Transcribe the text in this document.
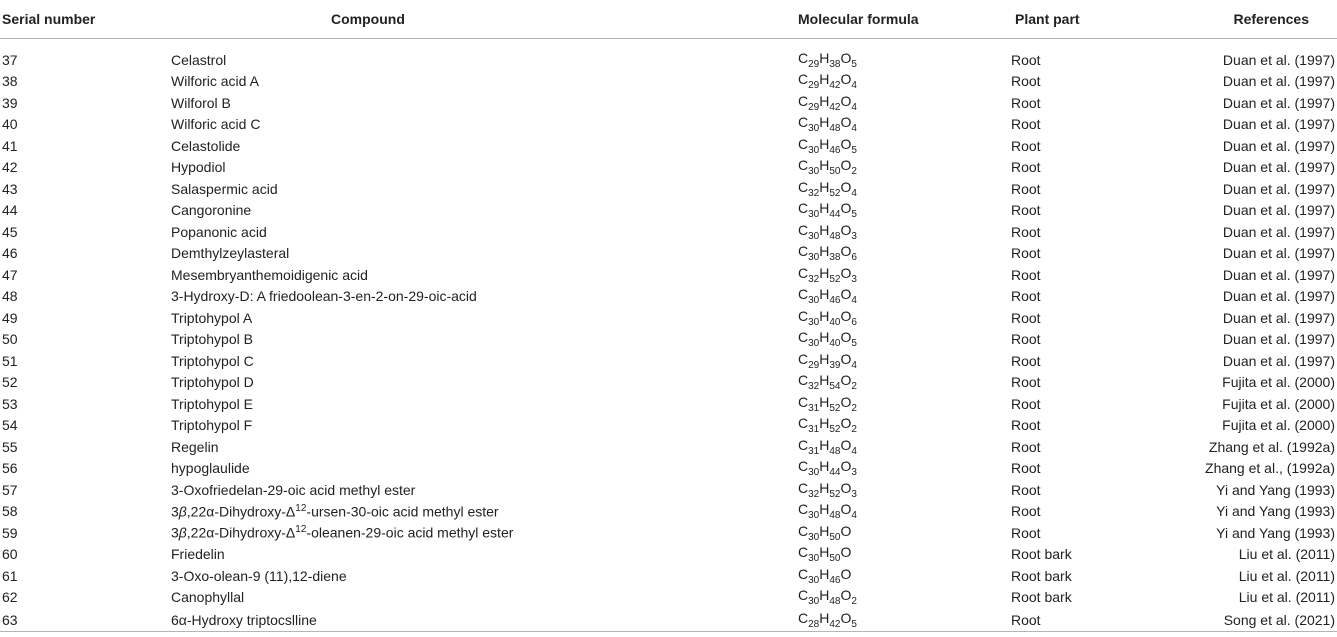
Serial number	Compound	Molecular formula	Plant part	References
37	Celastrol	$C_{29}H_{38}O_5$	Root	Duan et al. (1997)
38	Wilforic acid A	$C_{29}H_{42}O_4$	Root	Duan et al. (1997)
39	Wilforol B	$C_{29}H_{42}O_4$	Root	Duan et al. (1997)
40	Wilforic acid C	$C_{30}H_{48}O_4$	Root	Duan et al. (1997)
41	Celastolide	$C_{30}H_{46}O_5$	Root	Duan et al. (1997)
42	Hypodiol	$C_{30}H_{50}O_2$	Root	Duan et al. (1997)
43	Salaspermic acid	$C_{32}H_{52}O_4$	Root	Duan et al. (1997)
44	Cangoronine	$C_{30}H_{44}O_5$	Root	Duan et al. (1997)
45	Popanonic acid	$C_{30}H_{48}O_3$	Root	Duan et al. (1997)
46	Demthylzeylasteral	$C_{30}H_{38}O_6$	Root	Duan et al. (1997)
47	Mesembryanthemoidigenic acid	$C_{32}H_{52}O_3$	Root	Duan et al. (1997)
48	3-Hydroxy-D: A friedoolean-3-en-2-on-29-oic-acid	$C_{30}H_{46}O_4$	Root	Duan et al. (1997)
49	Triptohypol A	$C_{30}H_{40}O_6$	Root	Duan et al. (1997)
50	Triptohypol B	$C_{30}H_{40}O_5$	Root	Duan et al. (1997)
51	Triptohypol C	$C_{29}H_{39}O_4$	Root	Duan et al. (1997)
52	Triptohypol D	$C_{32}H_{54}O_2$	Root	Fujita et al. (2000)
53	Triptohypol E	$C_{31}H_{52}O_2$	Root	Fujita et al. (2000)
54	Triptohypol F	$C_{31}H_{52}O_2$	Root	Fujita et al. (2000)
55	Regelin	$C_{31}H_{48}O_4$	Root	Zhang et al. (1992a)
56	hypoglaulide	$C_{30}H_{44}O_3$	Root	Zhang et al., (1992a)
57	3-Oxofriedelan-29-oic acid methyl ester	$C_{32}H_{52}O_3$	Root	Yi and Yang (1993)
58	$3\beta,22\alpha-Dihydroxy-\Delta^{12}-ursen-30$-oic acid methyl ester	$C_{30}H_{48}O_4$	Root	Yi and Yang (1993)
59	$3\beta,22\alpha-Dihydroxy-\Delta^{12}-oleanen-29$-oic acid methyl ester	$C_{30}H_{50}O$	Root	Yi and Yang (1993)
60	Friedelin	$C_{30}H_{50}O$	Root bark	Liu et al. (2011)
61	3-Oxo-olean-9 (11),12-diene	$C_{30}H_{46}O$	Root bark	Liu et al. (2011)
62	Canophyllal	$C_{30}H_{48}O_2$	Root bark	Liu et al. (2011)
63	6α-Hydroxy triptocslline	$C_{28}H_{42}O_5$	Root	Song et al. (2021)
